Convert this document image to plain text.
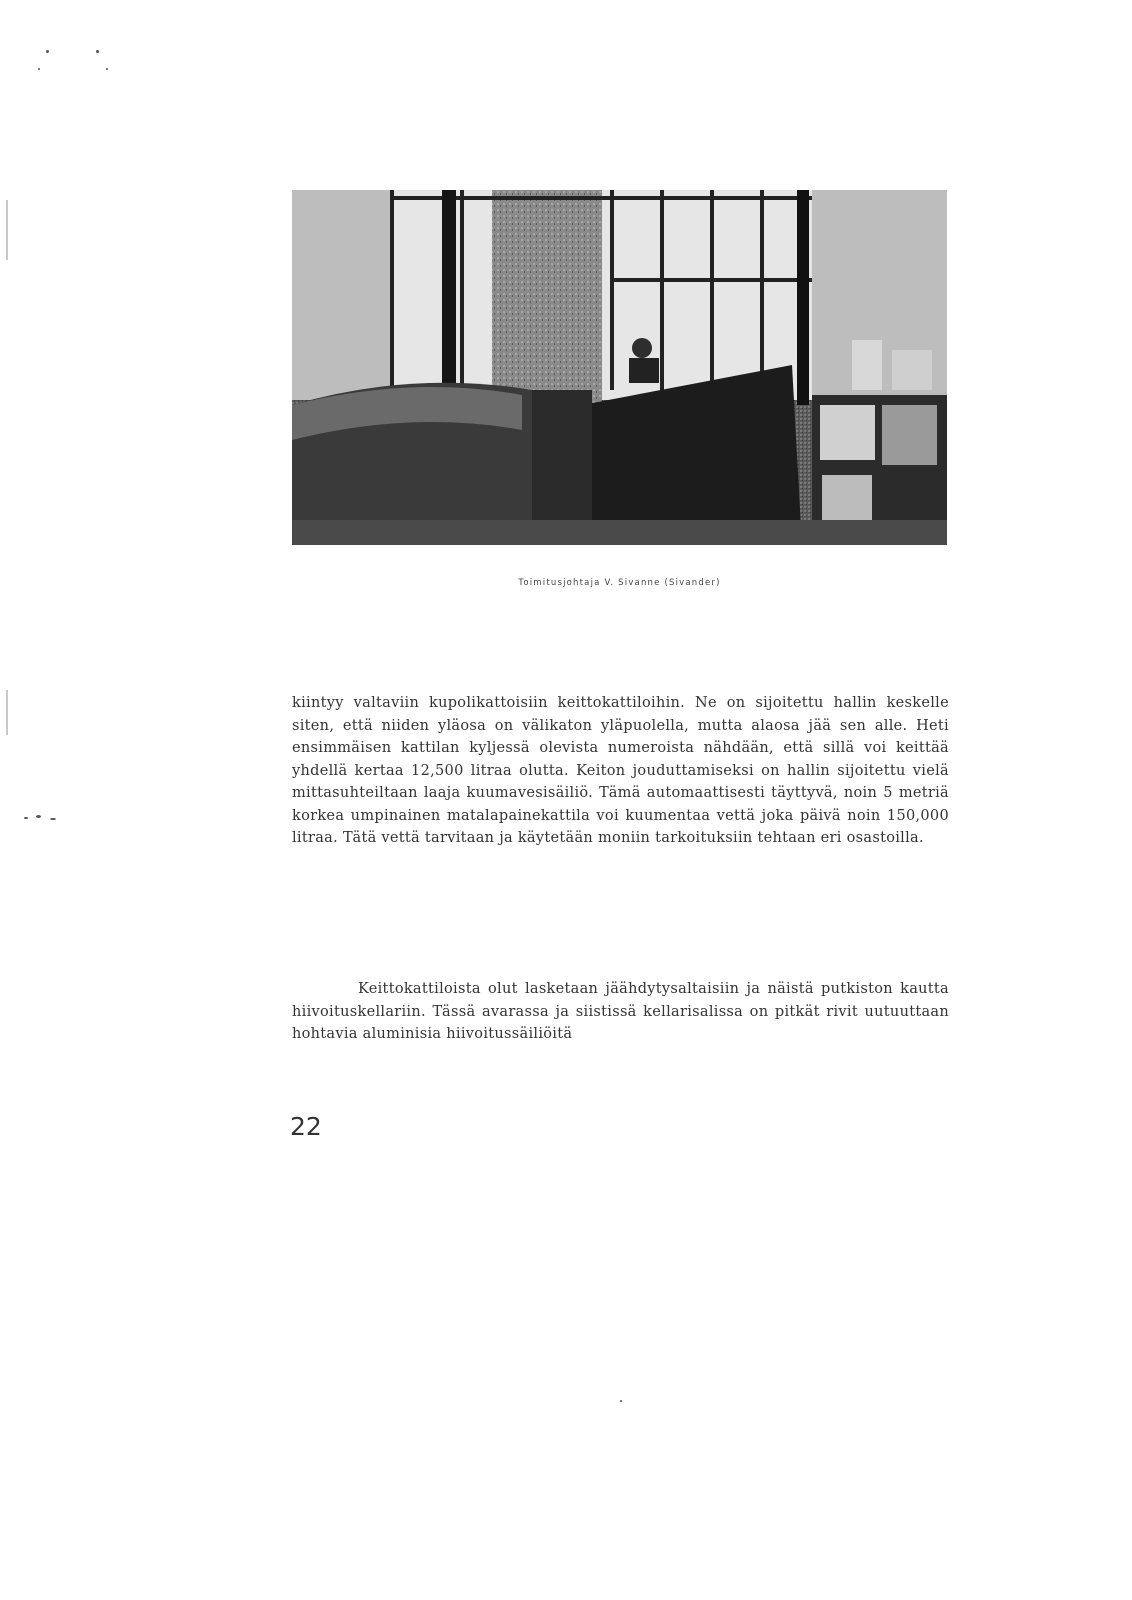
Toimitusjohtaja V. Sivanne (Sivander)

kiintyy valtaviin kupolikattoisiin keittokattiloihin. Ne on sijoitettu hallin keskelle siten, että niiden yläosa on välikaton yläpuolella, mutta alaosa jää sen alle. Heti ensimmäisen kattilan kyljessä olevista numeroista nähdään, että sillä voi keittää yhdellä kertaa 12,500 litraa olutta. Keiton jouduttamiseksi on hallin sijoitettu vielä mittasuhteiltaan laaja kuumavesisäiliö. Tämä automaattisesti täyttyvä, noin 5 metriä korkea umpinainen matalapainekattila voi kuumentaa vettä joka päivä noin 150,000 litraa. Tätä vettä tarvitaan ja käytetään moniin tarkoituksiin tehtaan eri osastoilla.

Keittokattiloista olut lasketaan jäähdytysaltaisiin ja näistä putkiston kautta hiivoituskellariin. Tässä avarassa ja siistissä kellarisalissa on pitkät rivit uutuuttaan hohtavia aluminisia hiivoitussäiliöitä

22
